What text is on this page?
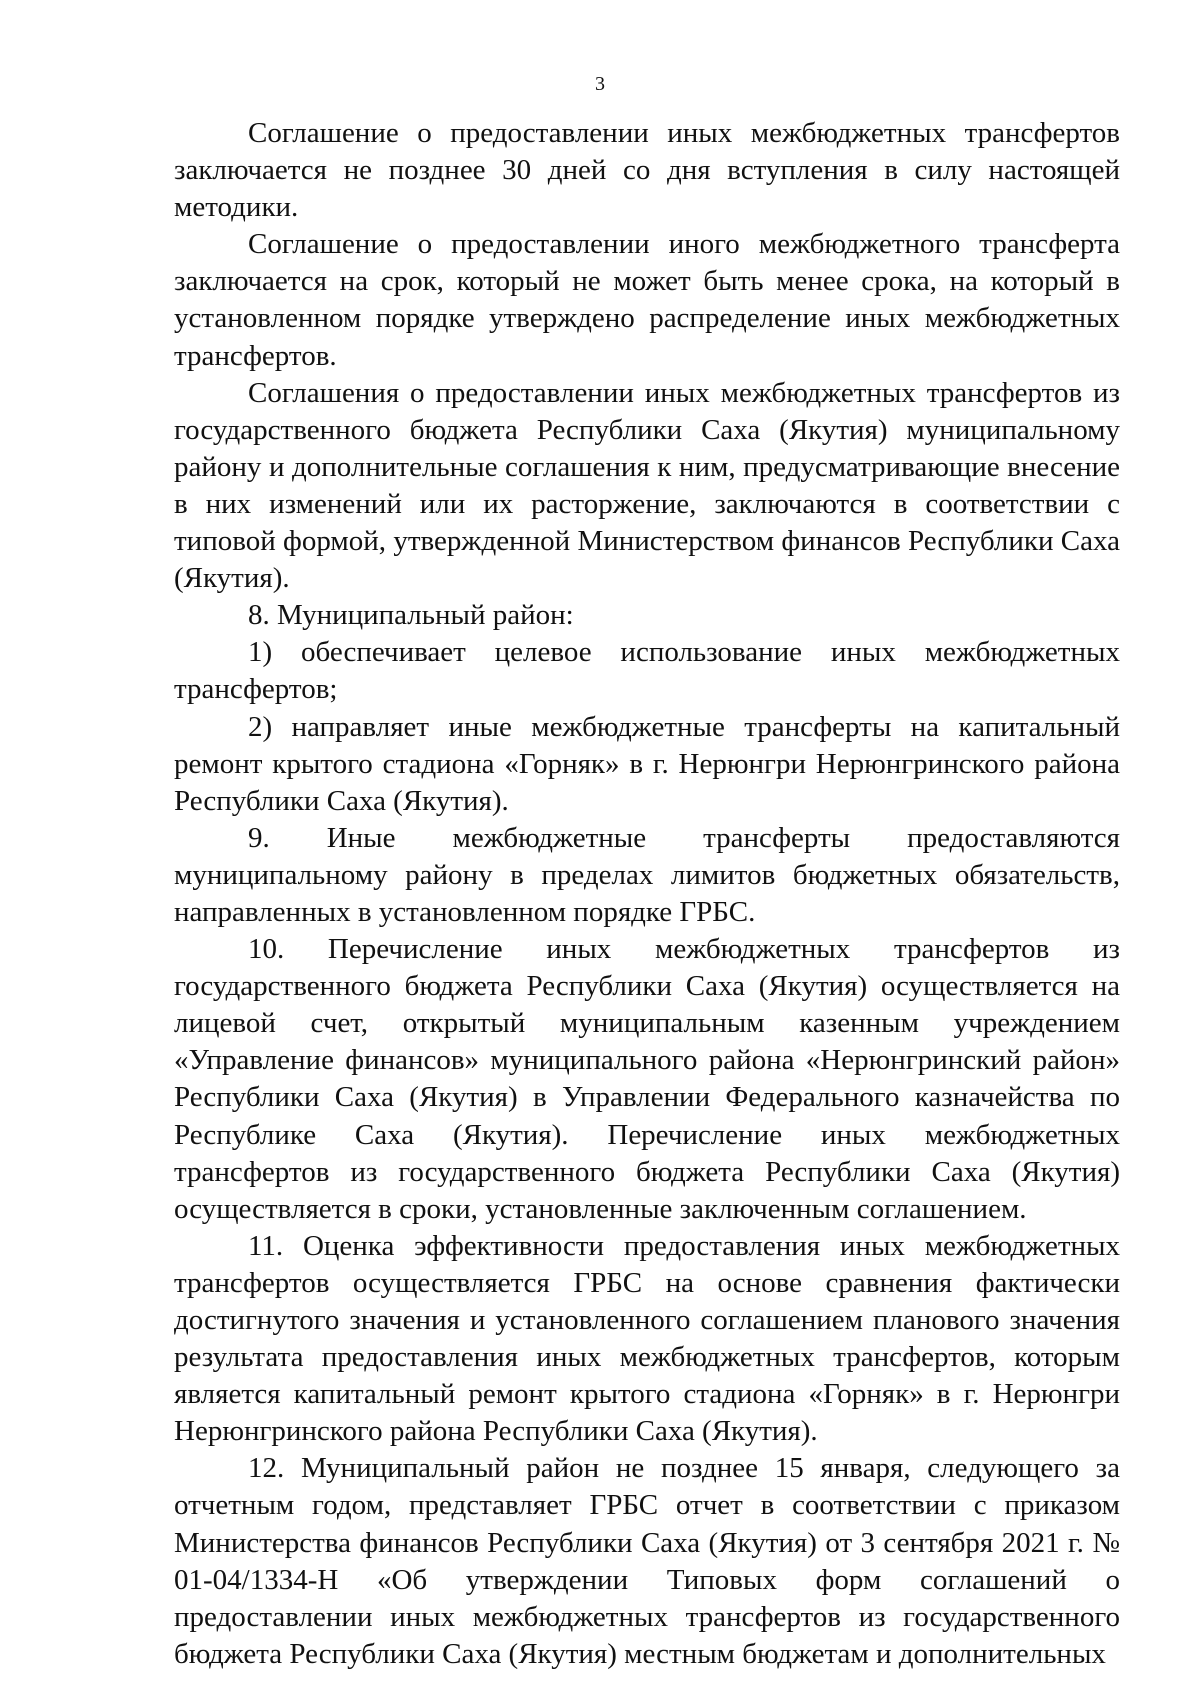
3

Соглашение о предоставлении иных межбюджетных трансфертов заключается не позднее 30 дней со дня вступления в силу настоящей методики.

Соглашение о предоставлении иного межбюджетного трансферта заключается на срок, который не может быть менее срока, на который в установленном порядке утверждено распределение иных межбюджетных трансфертов.

Соглашения о предоставлении иных межбюджетных трансфертов из государственного бюджета Республики Саха (Якутия) муниципальному району и дополнительные соглашения к ним, предусматривающие внесение в них изменений или их расторжение, заключаются в соответствии с типовой формой, утвержденной Министерством финансов Республики Саха (Якутия).

8. Муниципальный район:

1) обеспечивает целевое использование иных межбюджетных трансфертов;

2) направляет иные межбюджетные трансферты на капитальный ремонт крытого стадиона «Горняк» в г. Нерюнгри Нерюнгринского района Республики Саха (Якутия).

9. Иные межбюджетные трансферты предоставляются муниципальному району в пределах лимитов бюджетных обязательств, направленных в установленном порядке ГРБС.

10. Перечисление иных межбюджетных трансфертов из государственного бюджета Республики Саха (Якутия) осуществляется на лицевой счет, открытый муниципальным казенным учреждением «Управление финансов» муниципального района «Нерюнгринский район» Республики Саха (Якутия) в Управлении Федерального казначейства по Республике Саха (Якутия). Перечисление иных межбюджетных трансфертов из государственного бюджета Республики Саха (Якутия) осуществляется в сроки, установленные заключенным соглашением.

11. Оценка эффективности предоставления иных межбюджетных трансфертов осуществляется ГРБС на основе сравнения фактически достигнутого значения и установленного соглашением планового значения результата предоставления иных межбюджетных трансфертов, которым является капитальный ремонт крытого стадиона «Горняк» в г. Нерюнгри Нерюнгринского района Республики Саха (Якутия).

12. Муниципальный район не позднее 15 января, следующего за отчетным годом, представляет ГРБС отчет в соответствии с приказом Министерства финансов Республики Саха (Якутия) от 3 сентября 2021 г. № 01-04/1334-Н «Об утверждении Типовых форм соглашений о предоставлении иных межбюджетных трансфертов из государственного бюджета Республики Саха (Якутия) местным бюджетам и дополнительных
